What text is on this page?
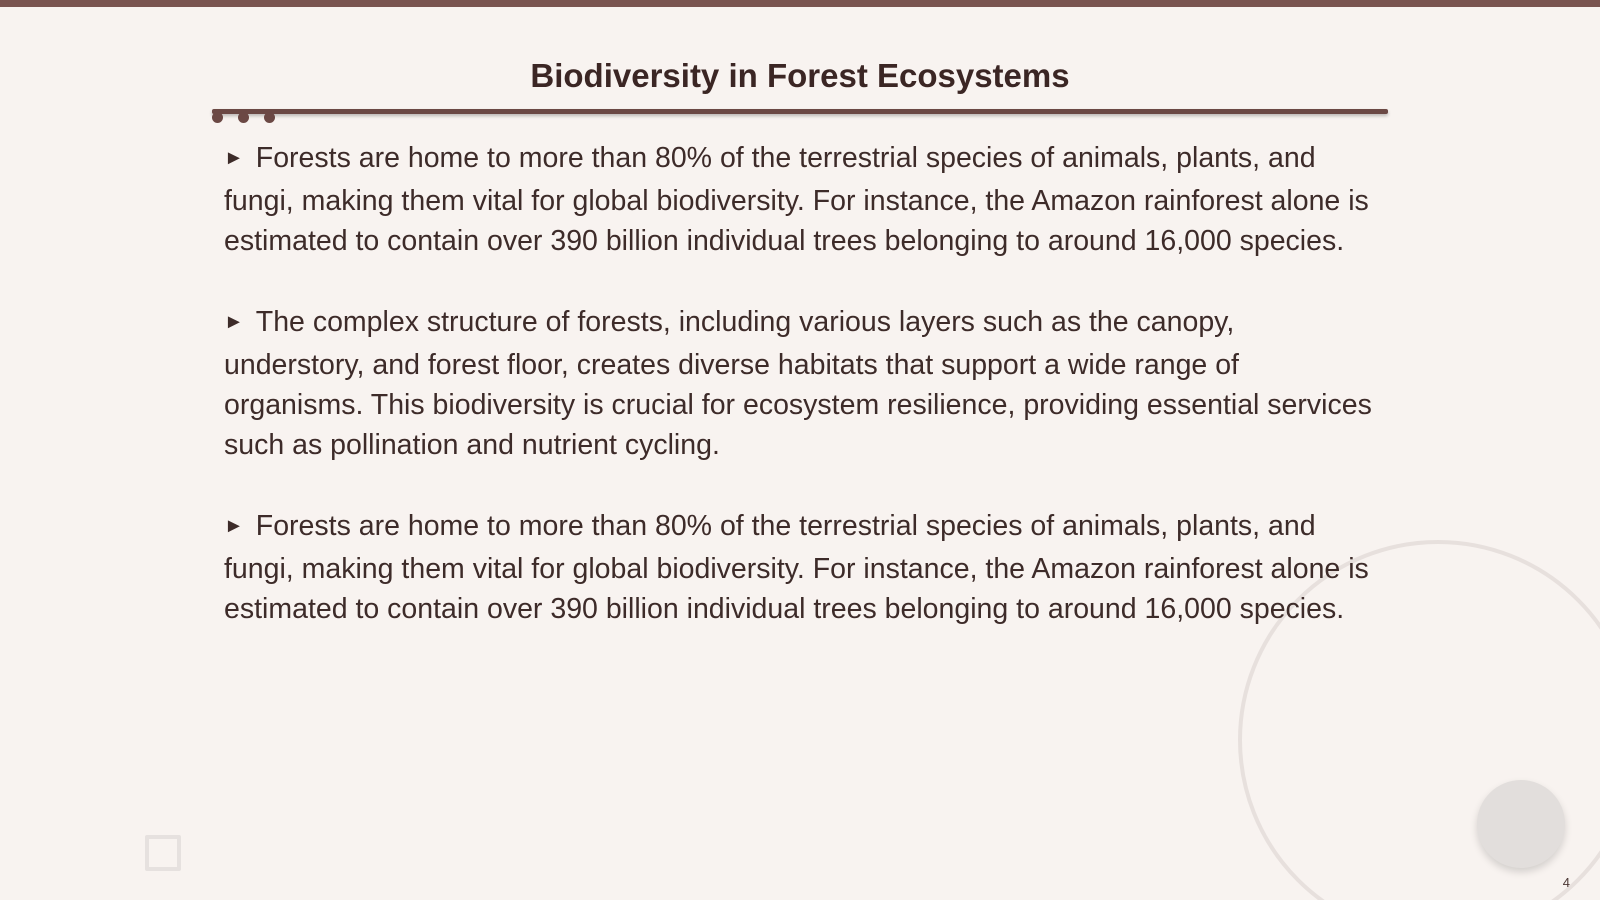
Biodiversity in Forest Ecosystems

► Forests are home to more than 80% of the terrestrial species of animals, plants, and fungi, making them vital for global biodiversity. For instance, the Amazon rainforest alone is estimated to contain over 390 billion individual trees belonging to around 16,000 species.

► The complex structure of forests, including various layers such as the canopy, understory, and forest floor, creates diverse habitats that support a wide range of organisms. This biodiversity is crucial for ecosystem resilience, providing essential services such as pollination and nutrient cycling.

► Forests are home to more than 80% of the terrestrial species of animals, plants, and fungi, making them vital for global biodiversity. For instance, the Amazon rainforest alone is estimated to contain over 390 billion individual trees belonging to around 16,000 species.

4
